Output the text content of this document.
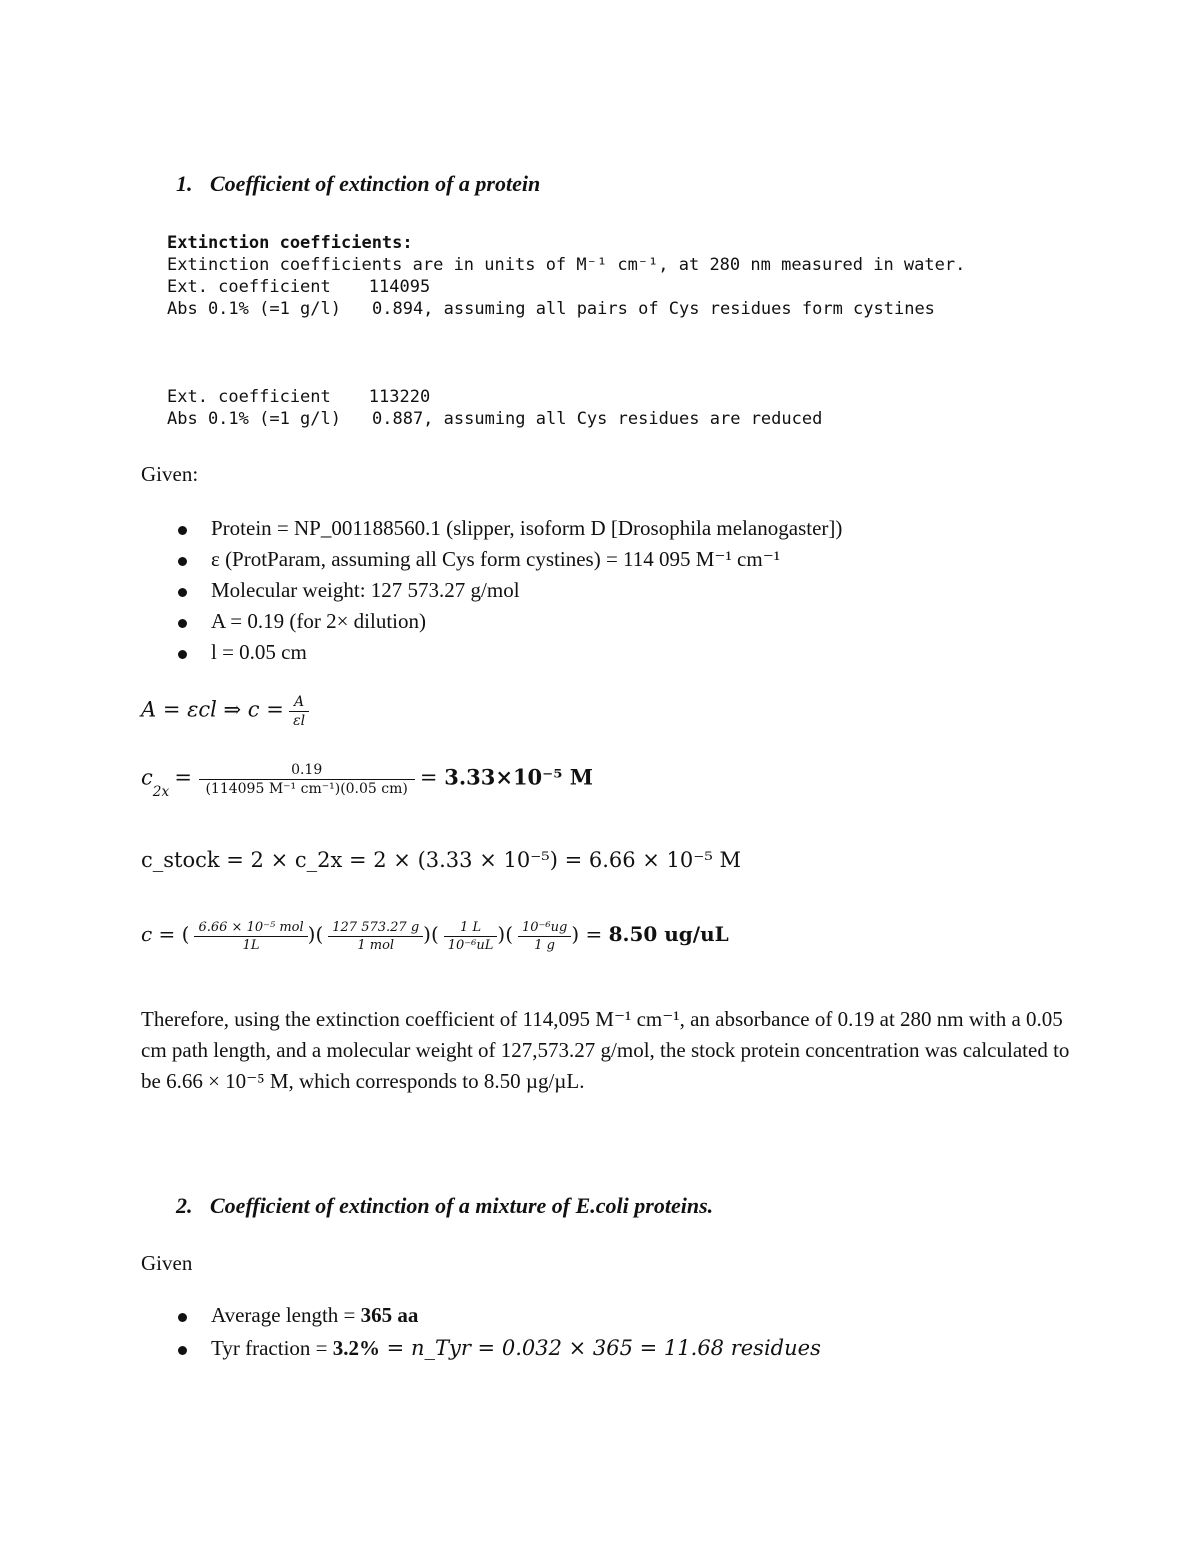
1. Coefficient of extinction of a protein
Extinction coefficients:
Extinction coefficients are in units of M⁻¹ cm⁻¹, at 280 nm measured in water.
Ext. coefficient 114095
Abs 0.1% (=1 g/l) 0.894, assuming all pairs of Cys residues form cystines
Ext. coefficient 113220
Abs 0.1% (=1 g/l) 0.887, assuming all Cys residues are reduced
Given:
Protein = NP_001188560.1 (slipper, isoform D [Drosophila melanogaster])
ε (ProtParam, assuming all Cys form cystines) = 114 095 M⁻¹ cm⁻¹
Molecular weight: 127 573.27 g/mol
A = 0.19 (for 2× dilution)
l = 0.05 cm
A = εcl ⇒ $c = \frac{A}{\varepsilon l}$
$c_{2x} = \frac{0.19}{\text{(114095 M⁻¹ cm⁻¹)(0.05 cm)}} = 3.33\times 10^{-5}$ M
c_stock = 2 × c_2x = 2 × (3.33 × 10⁻⁵) = 6.66 × 10⁻⁵ M
c = ( $\frac{\text{6.66 × 10⁻⁵ mol}}{1L}$ )( $\frac{127 573.27 g}{\text{1 mol}}$ )( $\frac{1 L}{\text{10⁻⁶uL}}$ )( $\frac{\text{10⁻⁶ug}}{1 g}$ ) = 8.50 ug/uL
Therefore, using the extinction coefficient of 114,095 M⁻¹ cm⁻¹, an absorbance of 0.19 at 280 nm with a 0.05 cm path length, and a molecular weight of 127,573.27 g/mol, the stock protein concentration was calculated to be 6.66 × 10⁻⁵ M, which corresponds to 8.50 µg/µL.
2. Coefficient of extinction of a mixture of E.coli proteins.
Given
Average length = 365 aa
Tyr fraction = 3.2% = n_Tyr = 0.032 × 365 = 11.68 residues
